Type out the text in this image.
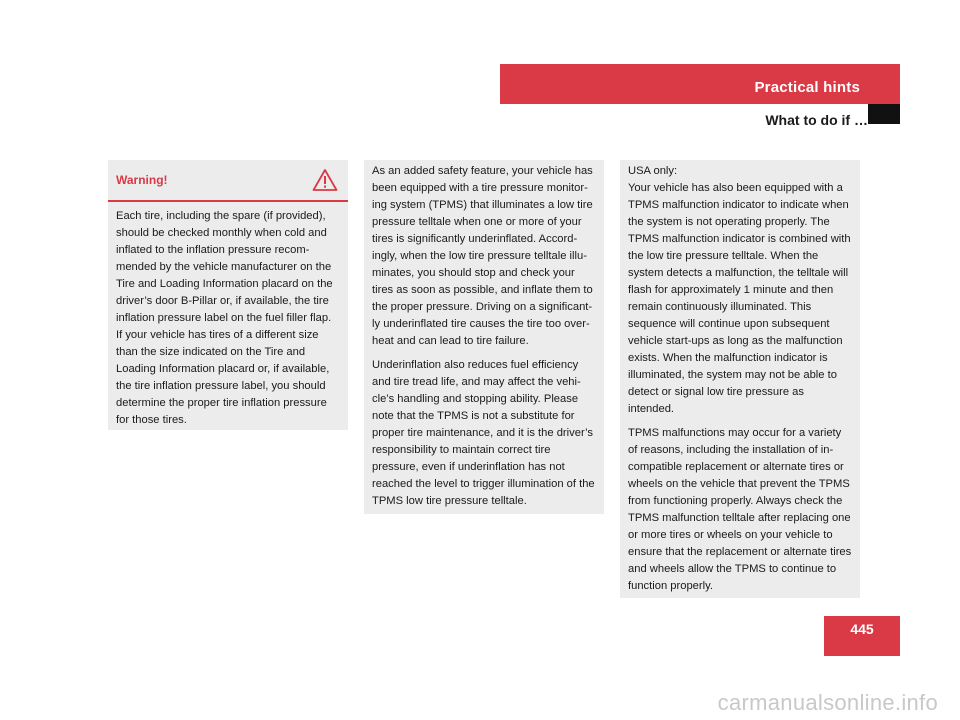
Practical hints
What to do if …
Warning!

Each tire, including the spare (if provided), should be checked monthly when cold and inflated to the inflation pressure recommended by the vehicle manufacturer on the Tire and Loading Information placard on the driver’s door B-Pillar or, if available, the tire inflation pressure label on the fuel filler flap. If your vehicle has tires of a different size than the size indicated on the Tire and Loading Information placard or, if available, the tire inflation pressure label, you should determine the proper tire inflation pressure for those tires.

As an added safety feature, your vehicle has been equipped with a tire pressure monitoring system (TPMS) that illuminates a low tire pressure telltale when one or more of your tires is significantly underinflated. Accordingly, when the low tire pressure telltale illuminates, you should stop and check your tires as soon as possible, and inflate them to the proper pressure. Driving on a significantly underinflated tire causes the tire too overheat and can lead to tire failure.

Underinflation also reduces fuel efficiency and tire tread life, and may affect the vehicle’s handling and stopping ability. Please note that the TPMS is not a substitute for proper tire maintenance, and it is the driver’s responsibility to maintain correct tire pressure, even if underinflation has not reached the level to trigger illumination of the TPMS low tire pressure telltale.

USA only:

Your vehicle has also been equipped with a TPMS malfunction indicator to indicate when the system is not operating properly. The TPMS malfunction indicator is combined with the low tire pressure telltale. When the system detects a malfunction, the telltale will flash for approximately 1 minute and then remain continuously illuminated. This sequence will continue upon subsequent vehicle start-ups as long as the malfunction exists. When the malfunction indicator is illuminated, the system may not be able to detect or signal low tire pressure as intended.

TPMS malfunctions may occur for a variety of reasons, including the installation of incompatible replacement or alternate tires or wheels on the vehicle that prevent the TPMS from functioning properly. Always check the TPMS malfunction telltale after replacing one or more tires or wheels on your vehicle to ensure that the replacement or alternate tires and wheels allow the TPMS to continue to function properly.

445
carmanualsonline.info
